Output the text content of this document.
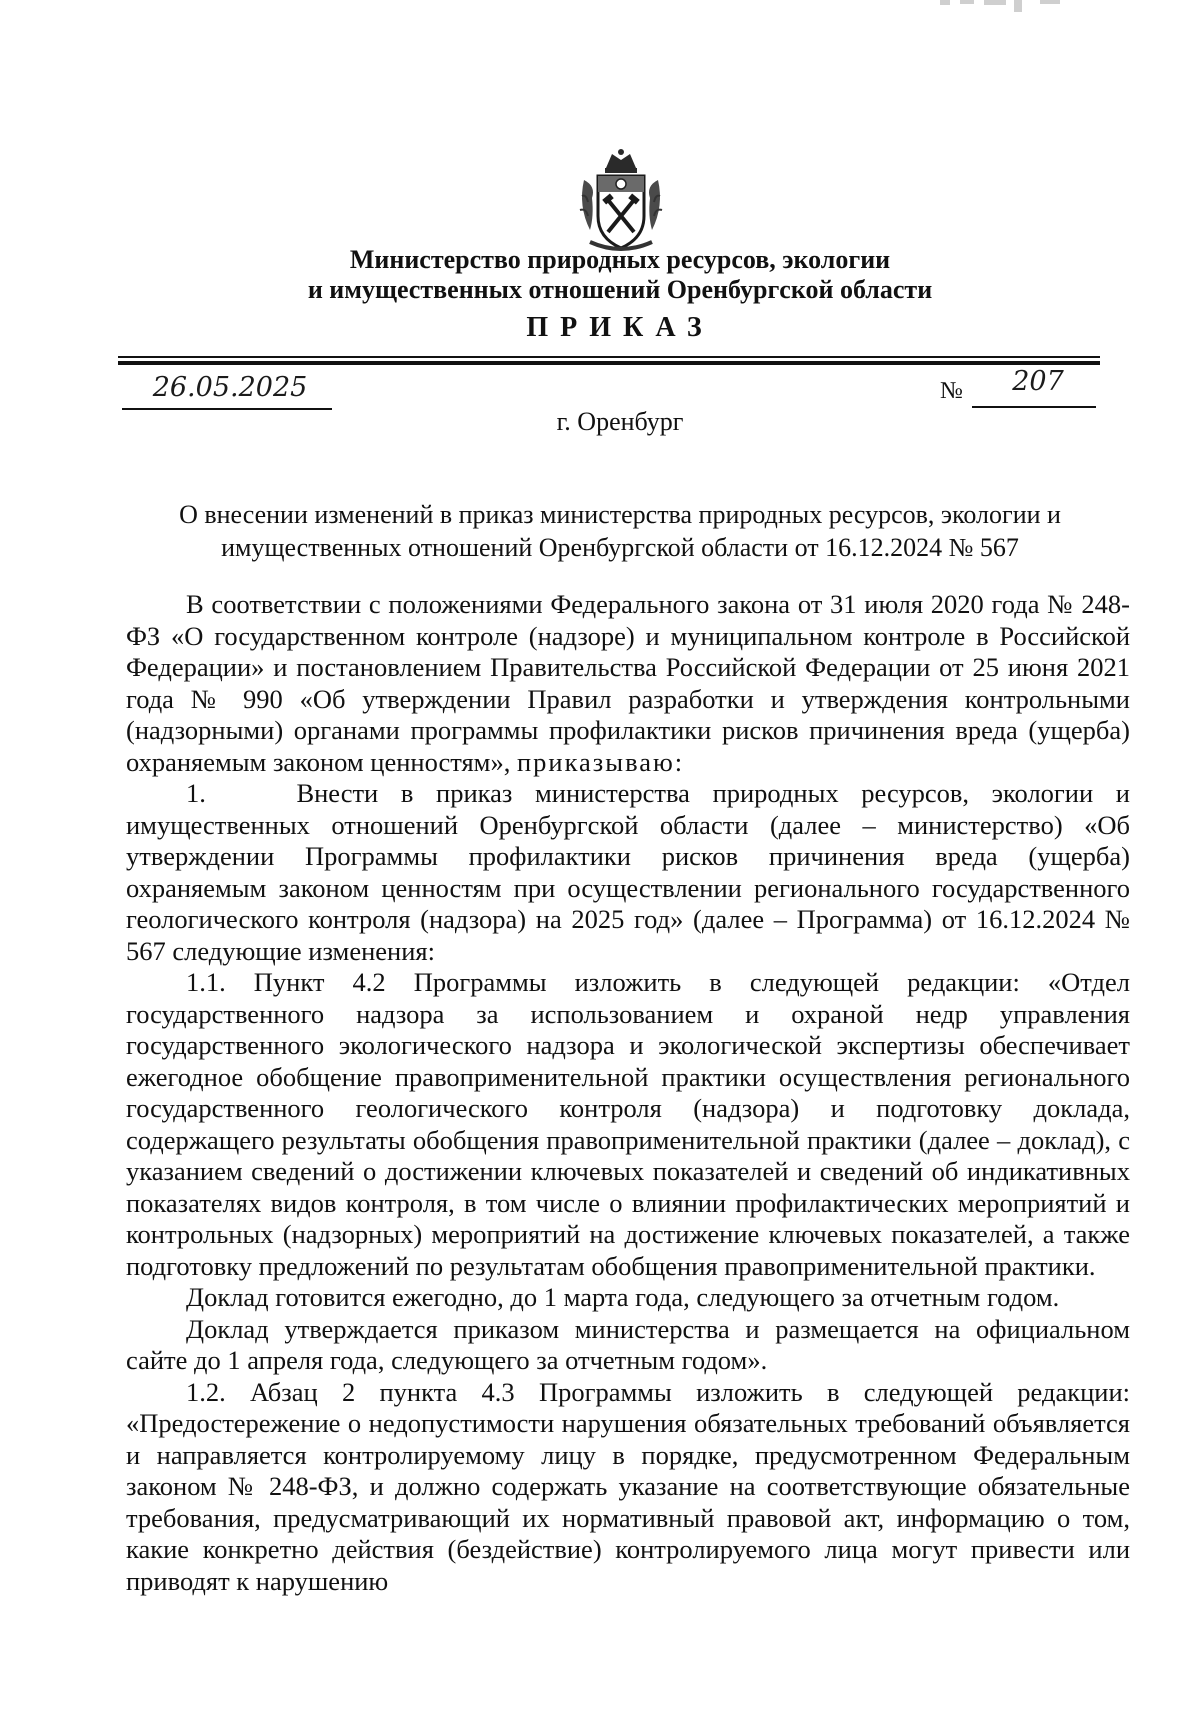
Министерство природных ресурсов, экологии
и имущественных отношений Оренбургской области
ПРИКАЗ
26.05.2025	№	207
г. Оренбург
О внесении изменений в приказ министерства природных ресурсов, экологии и
имущественных отношений Оренбургской области от 16.12.2024 № 567

В соответствии с положениями Федерального закона от 31 июля 2020 года № 248-ФЗ «О государственном контроле (надзоре) и муниципальном контроле в Российской Федерации» и постановлением Правительства Российской Федерации от 25 июня 2021 года № 990 «Об утверждении Правил разработки и утверждения контрольными (надзорными) органами программы профилактики рисков причинения вреда (ущерба) охраняемым законом ценностям», приказываю:

1.    Внести в приказ министерства природных ресурсов, экологии и имущественных отношений Оренбургской области (далее – министерство) «Об утверждении Программы профилактики рисков причинения вреда (ущерба) охраняемым законом ценностям при осуществлении регионального государственного геологического контроля (надзора) на 2025 год» (далее – Программа) от 16.12.2024 № 567 следующие изменения:

1.1. Пункт 4.2 Программы изложить в следующей редакции: «Отдел государственного надзора за использованием и охраной недр управления государственного экологического надзора и экологической экспертизы обеспечивает ежегодное обобщение правоприменительной практики осуществления регионального государственного геологического контроля (надзора) и подготовку доклада, содержащего результаты обобщения правоприменительной практики (далее – доклад), с указанием сведений о достижении ключевых показателей и сведений об индикативных показателях видов контроля, в том числе о влиянии профилактических мероприятий и контрольных (надзорных) мероприятий на достижение ключевых показателей, а также подготовку предложений по результатам обобщения правоприменительной практики.

Доклад готовится ежегодно, до 1 марта года, следующего за отчетным годом.

Доклад утверждается приказом министерства и размещается на официальном сайте до 1 апреля года, следующего за отчетным годом».

1.2. Абзац 2 пункта 4.3 Программы изложить в следующей редакции: «Предостережение о недопустимости нарушения обязательных требований объявляется и направляется контролируемому лицу в порядке, предусмотренном Федеральным законом № 248-ФЗ, и должно содержать указание на соответствующие обязательные требования, предусматривающий их нормативный правовой акт, информацию о том, какие конкретно действия (бездействие) контролируемого лица могут привести или приводят к нарушению
